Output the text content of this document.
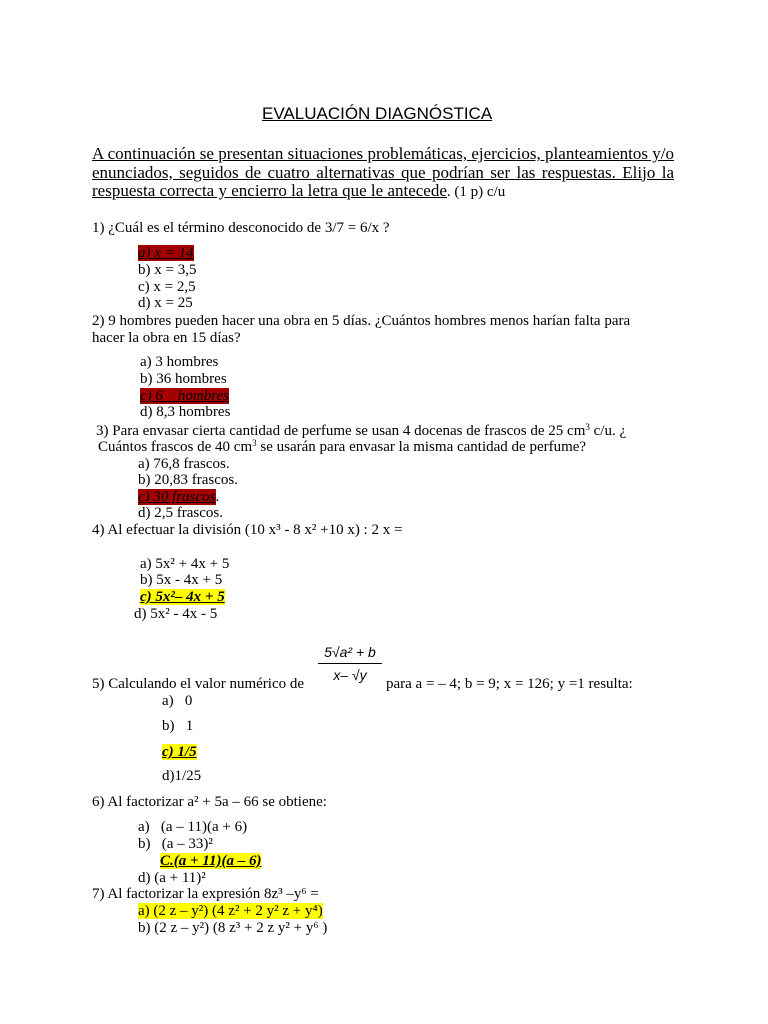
EVALUACIÓN DIAGNÓSTICA
A continuación se presentan situaciones problemáticas, ejercicios, planteamientos y/o enunciados, seguidos de cuatro alternativas que podrían ser las respuestas. Elijo la respuesta correcta y encierro la letra que le antecede. (1 p) c/u
1) ¿Cuál es el término desconocido de 3/7 = 6/x ?
a) x = 14
b) x = 3,5
c) x = 2,5
d) x = 25
2) 9 hombres pueden hacer una obra en 5 días. ¿Cuántos hombres menos harían falta para
hacer la obra en 15 días?
a) 3 hombres
b) 36 hombres
c) 6    hombres
d) 8,3 hombres
3) Para envasar cierta cantidad de perfume se usan 4 docenas de frascos de 25 $cm^3$ c/u. ¿
Cuántos frascos de 40 $cm^3$ se usarán para envasar la misma cantidad de perfume?
a) 76,8 frascos.
b) 20,83 frascos.
c) 30 frascos.
d) 2,5 frascos.
4) Al efectuar la división (10 x³ - 8 x² +10 x) : 2 x =
a) 5x² + 4x + 5
b) 5x - 4x + 5
c) 5x²– 4x + 5
d) 5x² - 4x - 5
5√a² + b
x– √y
5) Calculando el valor numérico de	para a = – 4; b = 9; x = 126; y =1 resulta:
a)   0
b)   1
c) 1/5
d)1/25
6) Al factorizar a² + 5a – 66 se obtiene:
a)   (a – 11)(a + 6)
b)   (a – 33)²
C.(a + 11)(a – 6)
d) (a + 11)²
7) Al factorizar la expresión 8z³ –y⁶ =
a) (2 z – y²) (4 z² + 2 y² z + y⁴)
b) (2 z – y²) (8 z³ + 2 z y² + y⁶ )
